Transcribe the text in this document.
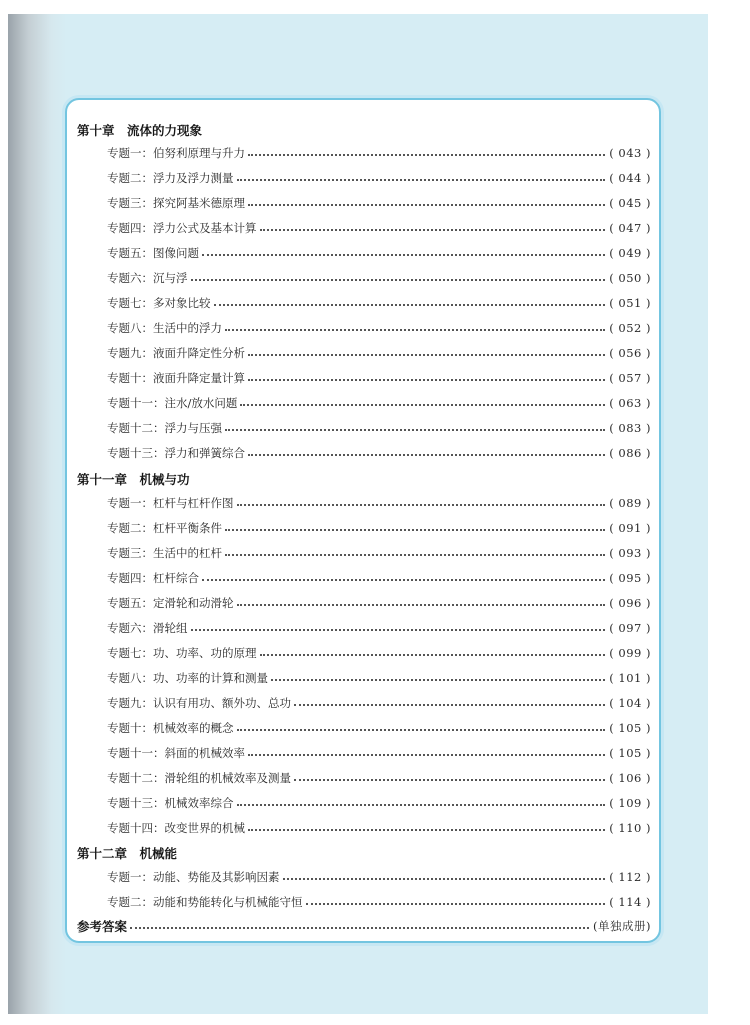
第十章　流体的力现象
专题一：伯努利原理与升力	( 043 )
专题二：浮力及浮力测量	( 044 )
专题三：探究阿基米德原理	( 045 )
专题四：浮力公式及基本计算	( 047 )
专题五：图像问题	( 049 )
专题六：沉与浮	( 050 )
专题七：多对象比较	( 051 )
专题八：生活中的浮力	( 052 )
专题九：液面升降定性分析	( 056 )
专题十：液面升降定量计算	( 057 )
专题十一：注水/放水问题	( 063 )
专题十二：浮力与压强	( 083 )
专题十三：浮力和弹簧综合	( 086 )
第十一章　机械与功
专题一：杠杆与杠杆作图	( 089 )
专题二：杠杆平衡条件	( 091 )
专题三：生活中的杠杆	( 093 )
专题四：杠杆综合	( 095 )
专题五：定滑轮和动滑轮	( 096 )
专题六：滑轮组	( 097 )
专题七：功、功率、功的原理	( 099 )
专题八：功、功率的计算和测量	( 101 )
专题九：认识有用功、额外功、总功	( 104 )
专题十：机械效率的概念	( 105 )
专题十一：斜面的机械效率	( 105 )
专题十二：滑轮组的机械效率及测量	( 106 )
专题十三：机械效率综合	( 109 )
专题十四：改变世界的机械	( 110 )
第十二章　机械能
专题一：动能、势能及其影响因素	( 112 )
专题二：动能和势能转化与机械能守恒	( 114 )
参考答案	(单独成册)
